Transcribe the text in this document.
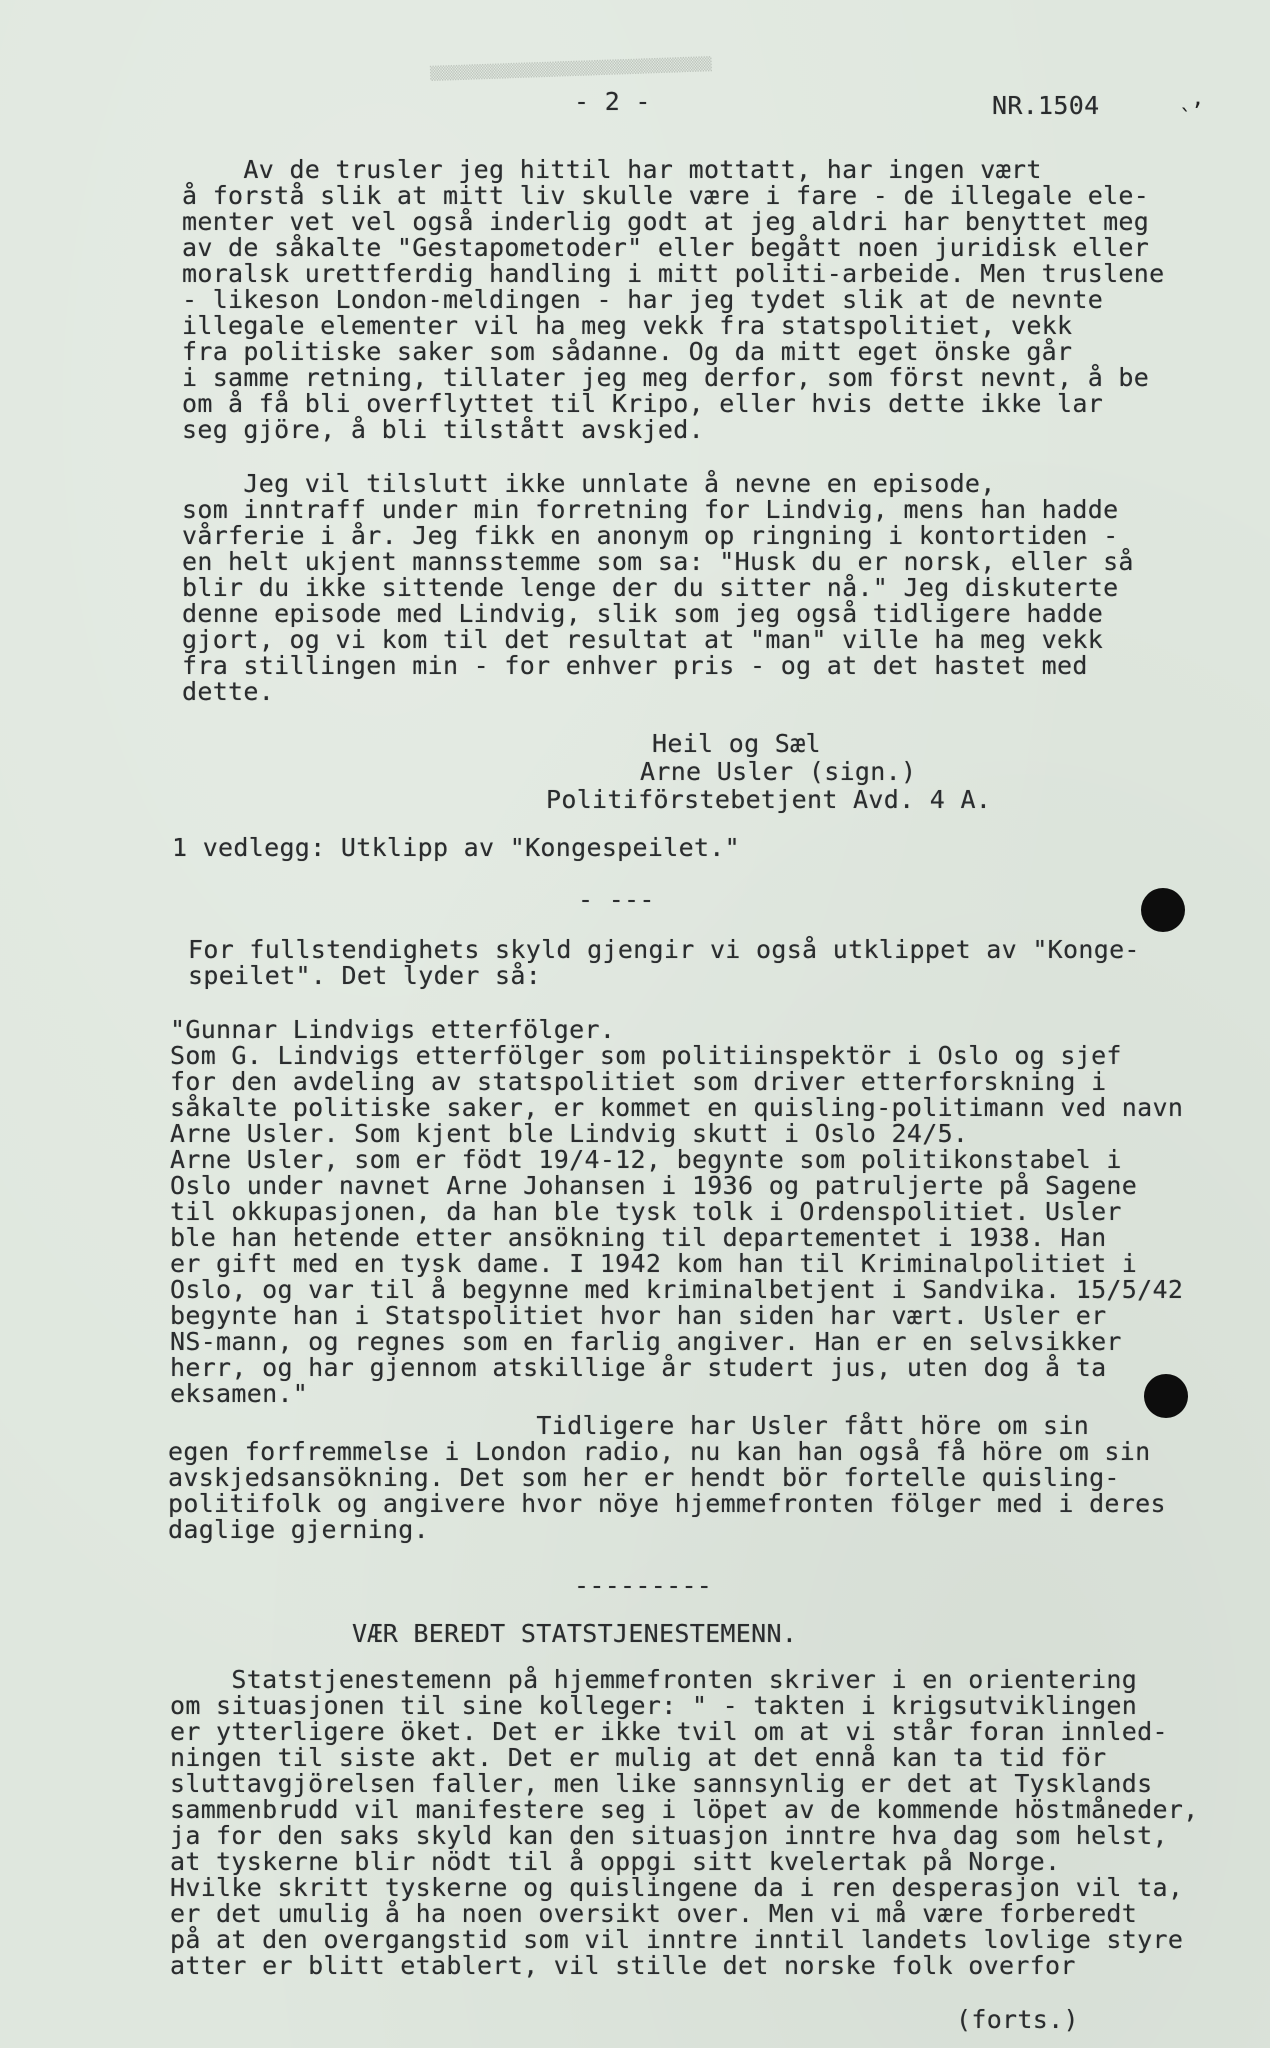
▒▒▒▒▒▒▒▒▒▒▒▒▒▒▒▒▒▒▒▒▒▒▒▒▒▒▒▒▒▒▒▒▒▒▒▒
ˎ,
- 2 -	NR.1504
Av de trusler jeg hittil har mottatt, har ingen vært
å forstå slik at mitt liv skulle være i fare - de illegale ele-
menter vet vel også inderlig godt at jeg aldri har benyttet meg
av de såkalte "Gestapometoder" eller begått noen juridisk eller
moralsk urettferdig handling i mitt politi-arbeide. Men truslene
- likeson London-meldingen - har jeg tydet slik at de nevnte
illegale elementer vil ha meg vekk fra statspolitiet, vekk
fra politiske saker som sådanne. Og da mitt eget önske går
i samme retning, tillater jeg meg derfor, som först nevnt, å be
om å få bli overflyttet til Kripo, eller hvis dette ikke lar
seg gjöre, å bli tilstått avskjed.
Jeg vil tilslutt ikke unnlate å nevne en episode,
som inntraff under min forretning for Lindvig, mens han hadde
vårferie i år. Jeg fikk en anonym op ringning i kontortiden -
en helt ukjent mannsstemme som sa: "Husk du er norsk, eller så
blir du ikke sittende lenge der du sitter nå." Jeg diskuterte
denne episode med Lindvig, slik som jeg også tidligere hadde
gjort, og vi kom til det resultat at "man" ville ha meg vekk
fra stillingen min - for enhver pris - og at det hastet med
dette.
Heil og Sæl
Arne Usler (sign.)
Politiförstebetjent Avd. 4 A.
1 vedlegg: Utklipp av "Kongespeilet."
- ---
For fullstendighets skyld gjengir vi også utklippet av "Konge-
speilet". Det lyder så:
"Gunnar Lindvigs etterfölger.
Som G. Lindvigs etterfölger som politiinspektör i Oslo og sjef
for den avdeling av statspolitiet som driver etterforskning i
såkalte politiske saker, er kommet en quisling-politimann ved navn
Arne Usler. Som kjent ble Lindvig skutt i Oslo 24/5.
Arne Usler, som er födt 19/4-12, begynte som politikonstabel i
Oslo under navnet Arne Johansen i 1936 og patruljerte på Sagene
til okkupasjonen, da han ble tysk tolk i Ordenspolitiet. Usler
ble han hetende etter ansökning til departementet i 1938. Han
er gift med en tysk dame. I 1942 kom han til Kriminalpolitiet i
Oslo, og var til å begynne med kriminalbetjent i Sandvika. 15/5/42
begynte han i Statspolitiet hvor han siden har vært. Usler er
NS-mann, og regnes som en farlig angiver. Han er en selvsikker
herr, og har gjennom atskillige år studert jus, uten dog å ta
eksamen."
Tidligere har Usler fått höre om sin
egen forfremmelse i London radio, nu kan han også få höre om sin
avskjedsansökning. Det som her er hendt bör fortelle quisling-
politifolk og angivere hvor nöye hjemmefronten fölger med i deres
daglige gjerning.
---------
VÆR BEREDT STATSTJENESTEMENN.
Statstjenestemenn på hjemmefronten skriver i en orientering
om situasjonen til sine kolleger: " - takten i krigsutviklingen
er ytterligere öket. Det er ikke tvil om at vi står foran innled-
ningen til siste akt. Det er mulig at det ennå kan ta tid för
sluttavgjörelsen faller, men like sannsynlig er det at Tysklands
sammenbrudd vil manifestere seg i löpet av de kommende höstmåneder,
ja for den saks skyld kan den situasjon inntre hva dag som helst,
at tyskerne blir nödt til å oppgi sitt kvelertak på Norge.
Hvilke skritt tyskerne og quislingene da i ren desperasjon vil ta,
er det umulig å ha noen oversikt over. Men vi må være forberedt
på at den overgangstid som vil inntre inntil landets lovlige styre
atter er blitt etablert, vil stille det norske folk overfor
(forts.)
